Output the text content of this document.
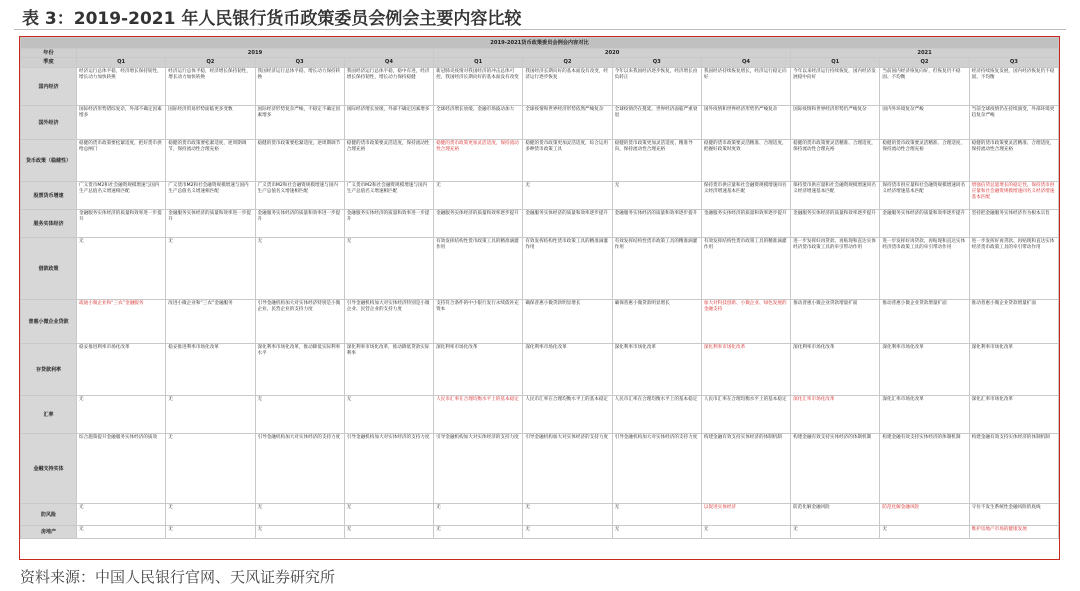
表 3：2019-2021 年人民银行货币政策委员会例会主要内容比较
2019-2021货币政策委员会例会内容对比											
年份	2019				2020				2021		
季度	Q1	Q2	Q3	Q4	Q1	Q2	Q3	Q4	Q1	Q2	Q3
国内经济	经济运行总体平稳，经济增长保持韧性，增长动力加快转换	经济运行总体平稳，经济增长保持韧性，增长动力加快转换	我国经济运行总体平稳，增长动力保持转换	我国经济运行总体平稳，稳中有进，经济增长保持韧性，增长动力保持稳健	新冠肺炎疫情对我国经济的冲击总体可控，我国经济长期向好的基本面没有改变	我国经济长期向好的基本面没有改变，经济运行逐步恢复	今年以来我国经济逐步恢复，经济增长由负转正	我国经济持续恢复增长，经济运行稳定向好	今年以来经济运行持续恢复，国内经济发展稳中向好	当前国内经济恢复向好，但恢复仍不稳固、不均衡	经济持续恢复发展，国内经济恢复仍不稳固、不均衡
国外经济	国际经济形势错综复杂，外部不确定因素增多	国际经济贸易形势面临更多变数	国际经济形势复杂严峻，不稳定不确定因素增多	国际经济增长放缓，外部不确定因素增多	全球经济增长放缓，金融市场波动加大	全球疫情和世界经济形势依然严峻复杂	全球疫情仍在蔓延，世界经济面临严重衰退	国外疫情和世界经济形势仍严峻复杂	国际疫情和世界经济形势仍严峻复杂	国内外环境复杂严峻	当前全球疫情仍在持续演变，外部环境更趋复杂严峻
货币政策（稳健性）	稳健的货币政策要松紧适度，把好货币供给总闸门	稳健的货币政策要松紧适度，逆周期调节，保持流动性合理充裕	稳健的货币政策要松紧适度，逆周期调节	稳健的货币政策要灵活适度，保持流动性合理充裕	稳健的货币政策更加灵活适度，保持流动性合理充裕	稳健的货币政策更加灵活适度，综合运用多种货币政策工具	稳健的货币政策更加灵活适度、精准导向，保持流动性合理充裕	稳健的货币政策要灵活精准、合理适度，把握好政策时度效	稳健的货币政策要灵活精准、合理适度，保持流动性合理充裕	稳健的货币政策要灵活精准、合理适度，保持流动性合理充裕	稳健的货币政策要灵活精准、合理适度，保持流动性合理充裕
股票货币增速	广义货币M2和社会融资规模增速与国内生产总值名义增速相匹配	广义货币M2和社会融资规模增速与国内生产总值名义增速相匹配	广义货币M2和社会融资规模增速与国内生产总值名义增速相匹配	广义货币M2和社会融资规模增速与国内生产总值名义增速相匹配	无	无	无	保持货币供应量和社会融资规模增速同名义经济增速基本匹配	保持货币供应量和社会融资规模增速同名义经济增速基本匹配	保持货币供应量和社会融资规模增速同名义经济增速基本匹配	增强信贷总量增长的稳定性，保持货币供应量和社会融资规模增速同名义经济增速基本匹配
服务实体经济	金融服务实体经济的质量和效率进一步提升	金融服务实体经济的质量和效率进一步提升	金融服务实体经济的质量和效率进一步提升	金融服务实体经济的质量和效率进一步提升	金融服务实体经济的质量和效率逐步提升	金融服务实体经济的质量和效率逐步提升	金融服务实体经济的质量和效率逐步提升	金融服务实体经济的质量和效率逐步提升	金融服务实体经济的质量和效率逐步提升	金融服务实体经济的质量和效率逐步提升	坚持把金融服务实体经济作为根本宗旨
借款政策	无	无	无	无	有效发挥结构性货币政策工具的精准滴灌作用	有效发挥结构性货币政策工具的精准滴灌作用	有效发挥结构性货币政策工具的精准滴灌作用	有效发挥结构性货币政策工具的精准滴灌作用	进一步发挥好再贷款、再贴现和直达实体经济货币政策工具的牵引带动作用	进一步发挥好再贷款、再贴现和直达实体经济货币政策工具的牵引带动作用	进一步发挥好再贷款、再贴现和直达实体经济货币政策工具的牵引带动作用
普惠小微企业贷款	疏通小微企业和“三农”金融服务	改进小微企业和“三农”金融服务	引导金融机构加大对实体经济特别是小微企业、民营企业的支持力度	引导金融机构加大对实体经济特别是小微企业、民营企业的支持力度	支持符合条件的中小银行发行永续债补充资本	确保普惠小微贷款明显增长	确保普惠小微贷款明显增长	加大对科技创新、小微企业、绿色发展的金融支持	推动普惠小微企业贷款增量扩面	推动普惠小微企业贷款增量扩面	推动普惠小微企业贷款增量扩面
存贷款利率	稳妥推进利率市场化改革	稳妥推进利率市场化改革	深化利率市场化改革，推动降低实际利率水平	深化利率市场化改革，推动降低贷款实际利率	深化利率市场化改革	深化利率市场化改革	深化利率市场化改革	深化利率市场化改革	深化利率市场化改革	深化利率市场化改革	深化利率市场化改革
汇率	无	无	无	无	人民币汇率在合理均衡水平上的基本稳定	人民币汇率在合理均衡水平上的基本稳定	人民币汇率在合理均衡水平上的基本稳定	人民币汇率在合理均衡水平上的基本稳定	深化汇率市场化改革	深化汇率市场化改革	深化汇率市场化改革
金融支持实体	综合施策提升金融服务实体经济的质效	无	引导金融机构加大对实体经济的支持力度	引导金融机构加大对实体经济的支持力度	引导金融机构加大对实体经济的支持力度	引导金融机构加大对实体经济的支持力度	引导金融机构加大对实体经济的支持力度	构建金融有效支持实体经济的体制机制	构建金融有效支持实体经济的体制机制	构建金融有效支持实体经济的体制机制	构建金融有效支持实体经济的体制机制
防风险	无	无	无	无	无	无	无	以促进实体经济	防范化解金融风险	防范化解金融风险	守住不发生系统性金融风险的底线
房地产	无	无	无	无	无	无	无	无	无	无	维护房地产市场的健康发展
资料来源：中国人民银行官网、天风证券研究所
